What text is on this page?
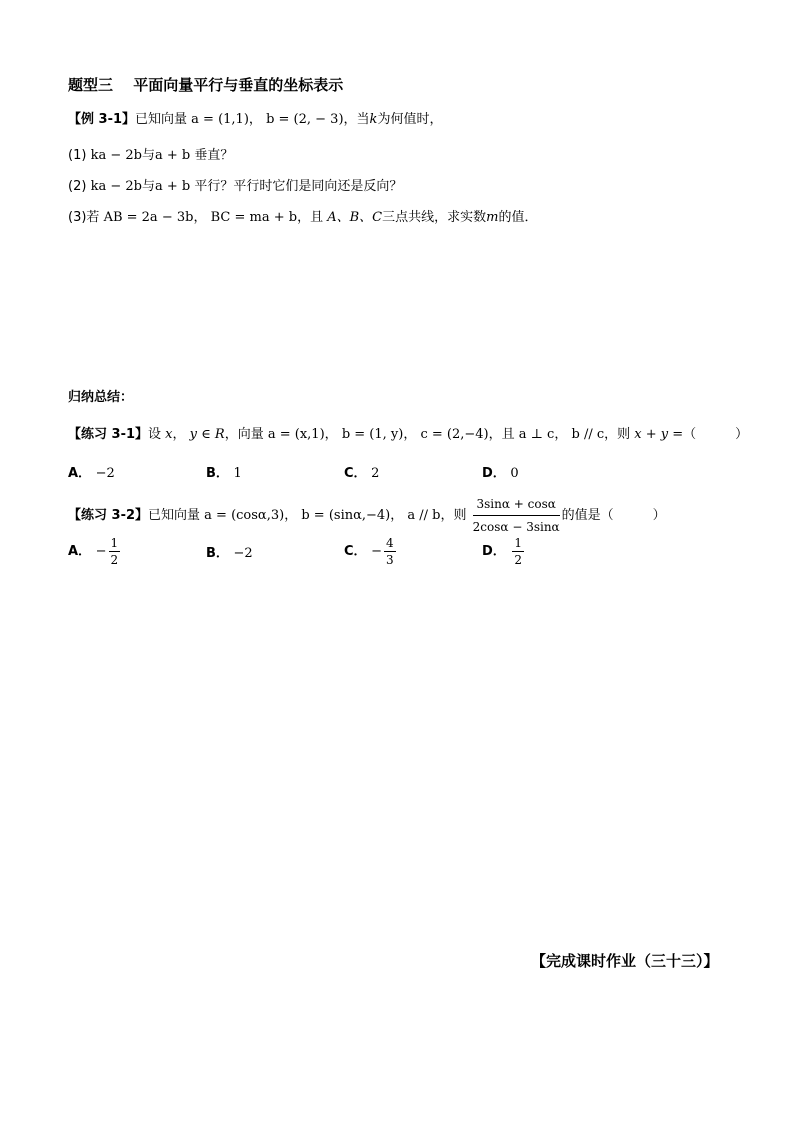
题型三　 平面向量平行与垂直的坐标表示
【例 3-1】已知向量 a = (1,1)， b = (2, − 3)，当k为何值时，
(1) ka − 2b与a + b 垂直？
(2) ka − 2b与a + b 平行？平行时它们是同向还是反向？
(3)若 AB = 2a − 3b， BC = ma + b，且 A、B、C三点共线，求实数m的值．
归纳总结：
【练习 3-1】设 x， y ∈ R，向量 a = (x,1)， b = (1, y)， c = (2,−4)，且 a ⊥ c， b // c，则 x + y =（　　　）
A． −2	B． 1	C． 2	D． 0
【练习 3-2】已知向量 a = (cosα,3)， b = (sinα,−4)， a // b，则 $\frac{3\sin\alpha + \cos\alpha}{2\cos\alpha - 3\sin\alpha}$ 的值是（　　　）
A． − $\frac{1}{2}$	B． −2	C． − $\frac{4}{3}$	D． $\frac{1}{2}$
【完成课时作业（三十三）】
